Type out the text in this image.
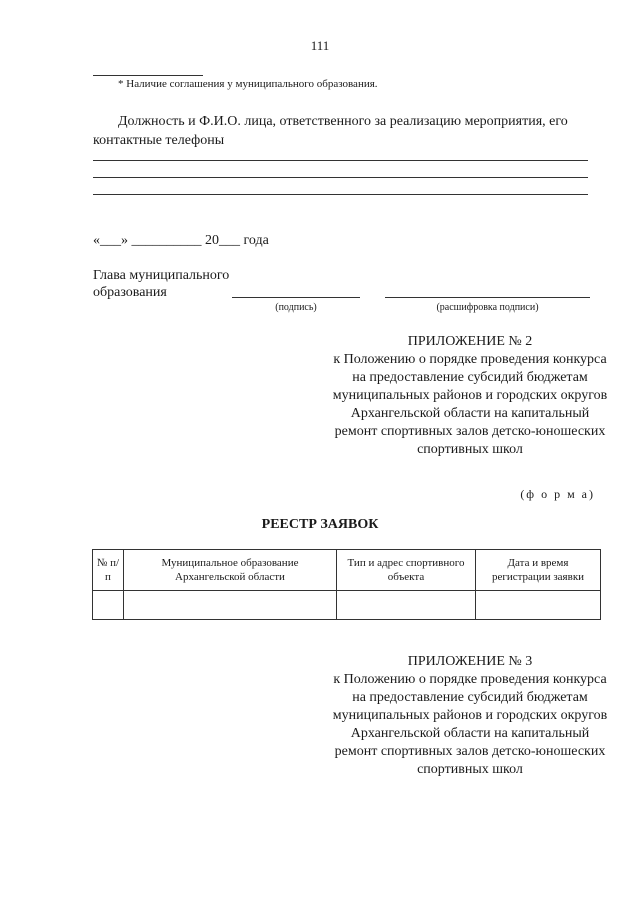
111
* Наличие соглашения у муниципального образования.
Должность и Ф.И.О. лица, ответственного за реализацию мероприятия, его контактные телефоны
«___» __________ 20___ года
Глава муниципального
образования
(подпись)	(расшифровка подписи)
ПРИЛОЖЕНИЕ № 2
к Положению о порядке проведения конкурса на предоставление субсидий бюджетам муниципальных районов и городских округов Архангельской области на капитальный ремонт спортивных залов детско-юношеских спортивных школ
(ф о р м а)
РЕЕСТР ЗАЯВОК
№ п/п	Муниципальное образование Архангельской области	Тип и адрес спортивного объекта	Дата и время регистрации заявки

ПРИЛОЖЕНИЕ № 3
к Положению о порядке проведения конкурса на предоставление субсидий бюджетам муниципальных районов и городских округов Архангельской области на капитальный ремонт спортивных залов детско-юношеских спортивных школ
